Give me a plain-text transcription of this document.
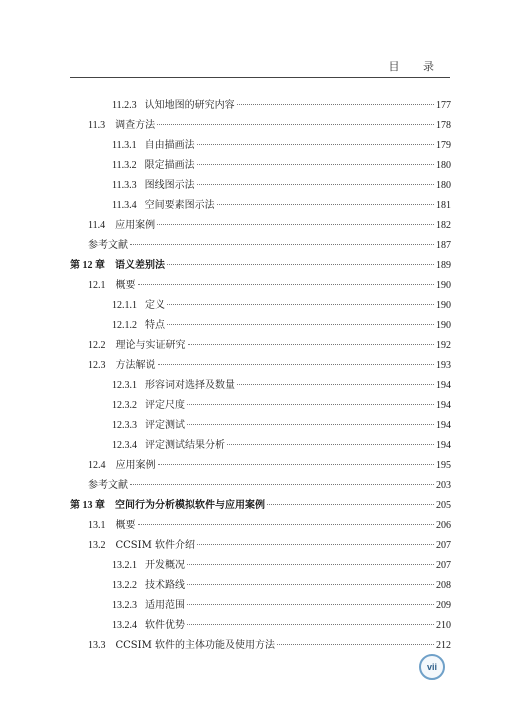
目 录
11.2.3 认知地图的研究内容	177
11.3 调查方法	178
11.3.1 自由描画法	179
11.3.2 限定描画法	180
11.3.3 图线图示法	180
11.3.4 空间要素图示法	181
11.4 应用案例	182
参考文献	187
第 12 章 语义差别法	189
12.1 概要	190
12.1.1 定义	190
12.1.2 特点	190
12.2 理论与实证研究	192
12.3 方法解说	193
12.3.1 形容词对选择及数量	194
12.3.2 评定尺度	194
12.3.3 评定测试	194
12.3.4 评定测试结果分析	194
12.4 应用案例	195
参考文献	203
第 13 章 空间行为分析模拟软件与应用案例	205
13.1 概要	206
13.2 CCSIM 软件介绍	207
13.2.1 开发概况	207
13.2.2 技术路线	208
13.2.3 适用范围	209
13.2.4 软件优势	210
13.3 CCSIM 软件的主体功能及使用方法	212
vii
